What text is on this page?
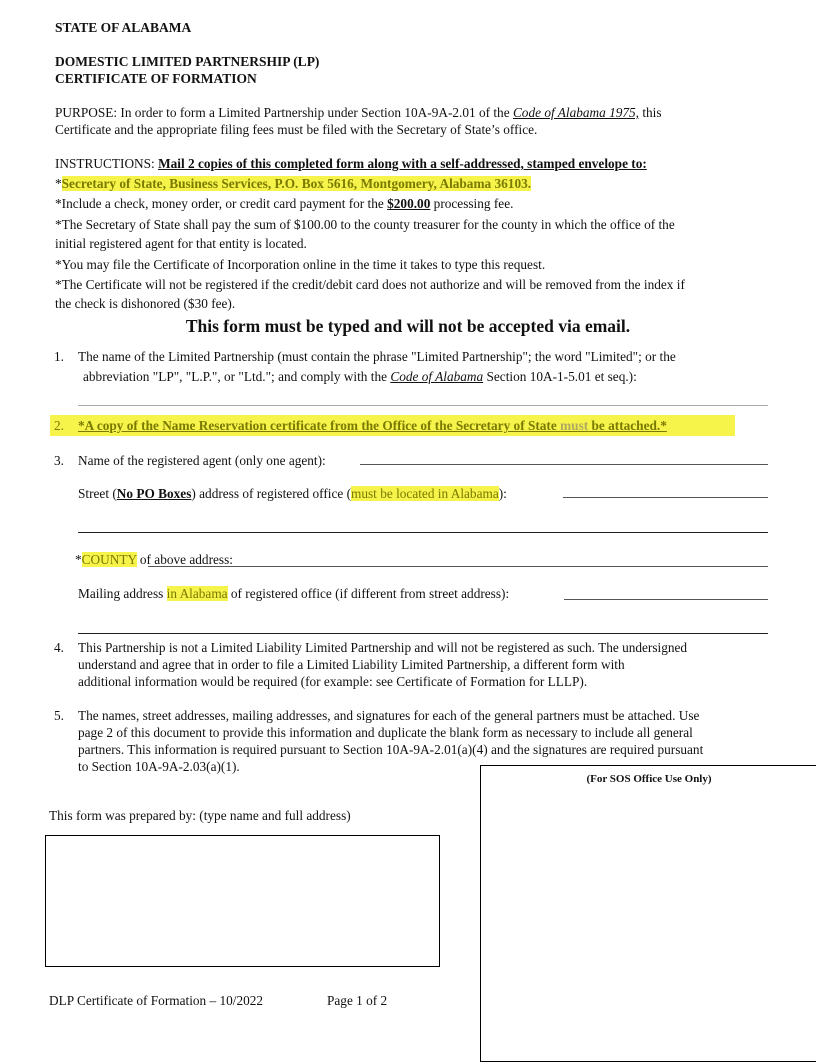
STATE OF ALABAMA
DOMESTIC LIMITED PARTNERSHIP (LP)
CERTIFICATE OF FORMATION
PURPOSE: In order to form a Limited Partnership under Section 10A-9A-2.01 of the Code of Alabama 1975, this
Certificate and the appropriate filing fees must be filed with the Secretary of State’s office.
INSTRUCTIONS: Mail 2 copies of this completed form along with a self-addressed, stamped envelope to:
*Secretary of State, Business Services, P.O. Box 5616, Montgomery, Alabama 36103.
*Include a check, money order, or credit card payment for the $200.00 processing fee.
*The Secretary of State shall pay the sum of $100.00 to the county treasurer for the county in which the office of the
initial registered agent for that entity is located.
*You may file the Certificate of Incorporation online in the time it takes to type this request.
*The Certificate will not be registered if the credit/debit card does not authorize and will be removed from the index if
the check is dishonored ($30 fee).
This form must be typed and will not be accepted via email.
1. The name of the Limited Partnership (must contain the phrase "Limited Partnership"; the word "Limited"; or the
abbreviation "LP", "L.P.", or "Ltd."; and comply with the Code of Alabama Section 10A-1-5.01 et seq.):
2. *A copy of the Name Reservation certificate from the Office of the Secretary of State must be attached.*
3. Name of the registered agent (only one agent):
Street (No PO Boxes) address of registered office (must be located in Alabama):
*COUNTY of above address:
Mailing address in Alabama of registered office (if different from street address):
4. This Partnership is not a Limited Liability Limited Partnership and will not be registered as such. The undersigned
understand and agree that in order to file a Limited Liability Limited Partnership, a different form with
additional information would be required (for example: see Certificate of Formation for LLLP).
5. The names, street addresses, mailing addresses, and signatures for each of the general partners must be attached. Use
page 2 of this document to provide this information and duplicate the blank form as necessary to include all general
partners. This information is required pursuant to Section 10A-9A-2.01(a)(4) and the signatures are required pursuant
to Section 10A-9A-2.03(a)(1).
(For SOS Office Use Only)
This form was prepared by: (type name and full address)
DLP Certificate of Formation – 10/2022	Page 1 of 2
